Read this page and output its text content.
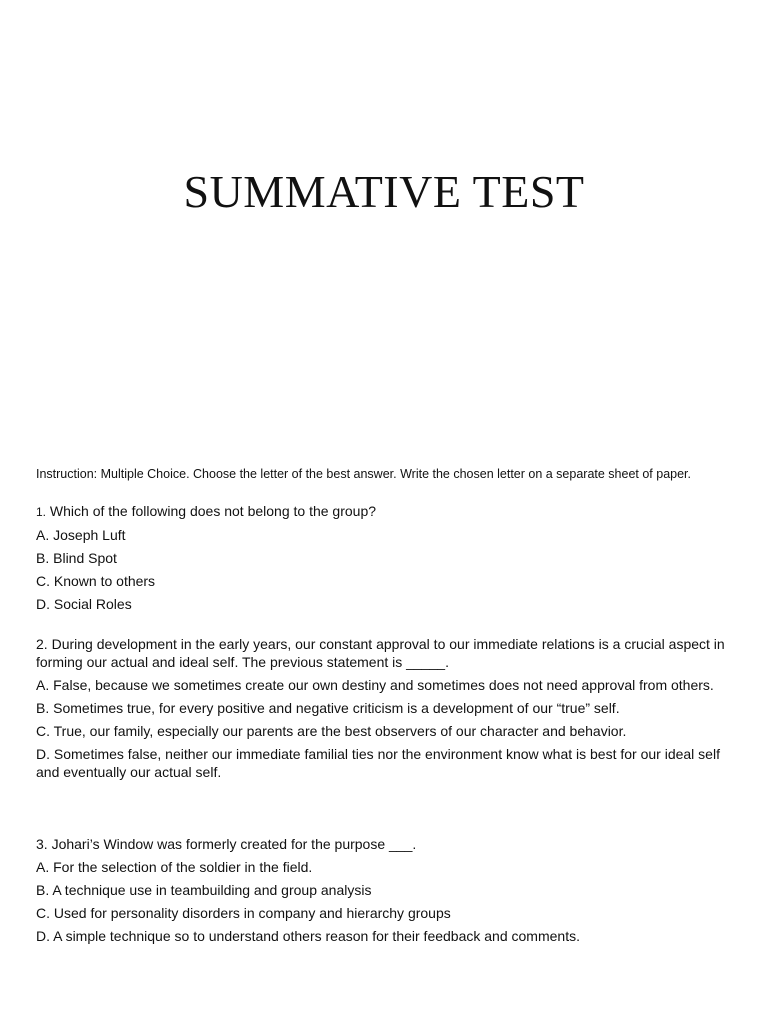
SUMMATIVE TEST

Instruction: Multiple Choice. Choose the letter of the best answer. Write the chosen letter on a separate sheet of paper.

1. Which of the following does not belong to the group?

A. Joseph Luft

B. Blind Spot

C. Known to others

D. Social Roles

2. During development in the early years, our constant approval to our immediate relations is a crucial aspect in forming our actual and ideal self. The previous statement is _____.

A. False, because we sometimes create our own destiny and sometimes does not need approval from others.

B. Sometimes true, for every positive and negative criticism is a development of our “true” self.

C. True, our family, especially our parents are the best observers of our character and behavior.

D. Sometimes false, neither our immediate familial ties nor the environment know what is best for our ideal self and eventually our actual self.

3. Johari’s Window was formerly created for the purpose ___.

A. For the selection of the soldier in the field.

B. A technique use in teambuilding and group analysis

C. Used for personality disorders in company and hierarchy groups

D. A simple technique so to understand others reason for their feedback and comments.
